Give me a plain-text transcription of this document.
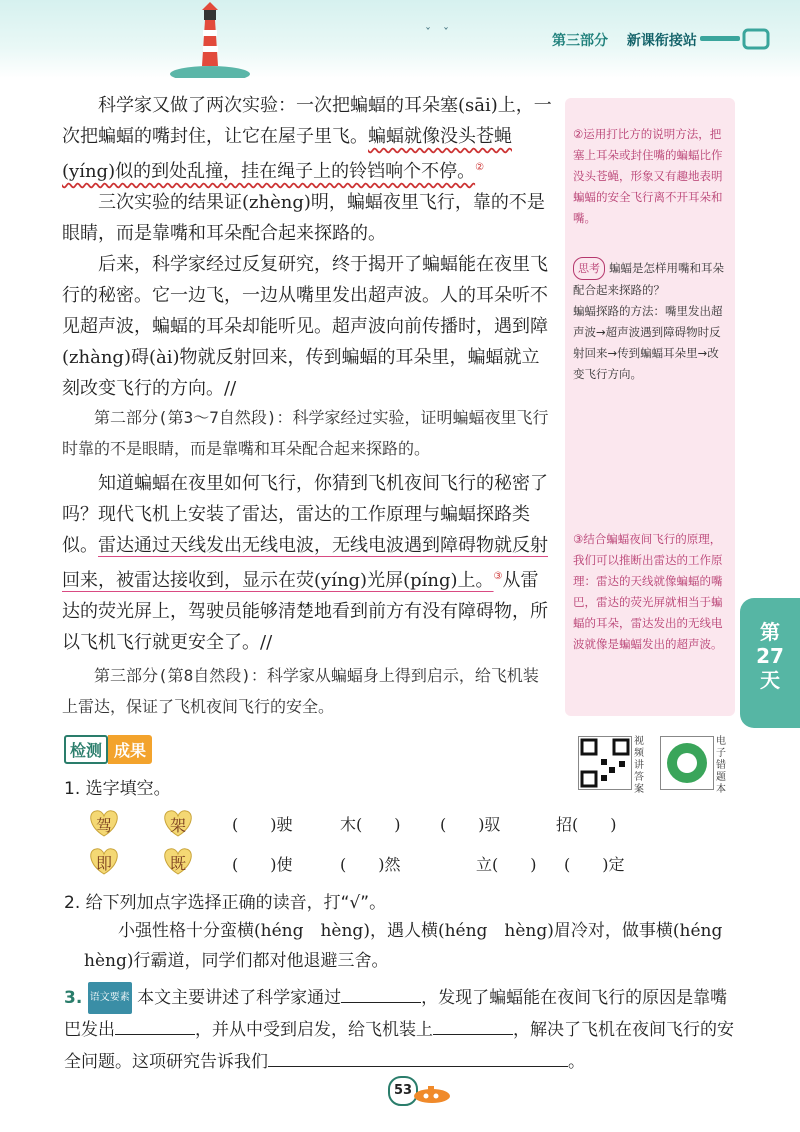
ˇ　ˇ	第三部分 新课衔接站

科学家又做了两次实验：一次把蝙蝠的耳朵塞(sāi)上，一次把蝙蝠的嘴封住，让它在屋子里飞。蝙蝠就像没头苍蝇(yíng)似的到处乱撞，挂在绳子上的铃铛响个不停。②

三次实验的结果证(zhèng)明，蝙蝠夜里飞行，靠的不是眼睛，而是靠嘴和耳朵配合起来探路的。

后来，科学家经过反复研究，终于揭开了蝙蝠能在夜里飞行的秘密。它一边飞，一边从嘴里发出超声波。人的耳朵听不见超声波，蝙蝠的耳朵却能听见。超声波向前传播时，遇到障(zhàng)碍(ài)物就反射回来，传到蝙蝠的耳朵里，蝙蝠就立刻改变飞行的方向。//

第二部分(第3～7自然段)：科学家经过实验，证明蝙蝠夜里飞行时靠的不是眼睛，而是靠嘴和耳朵配合起来探路的。

知道蝙蝠在夜里如何飞行，你猜到飞机夜间飞行的秘密了吗？现代飞机上安装了雷达，雷达的工作原理与蝙蝠探路类似。雷达通过天线发出无线电波，无线电波遇到障碍物就反射回来，被雷达接收到，显示在荧(yíng)光屏(píng)上。③从雷达的荧光屏上，驾驶员能够清楚地看到前方有没有障碍物，所以飞机飞行就更安全了。//

第三部分(第8自然段)：科学家从蝙蝠身上得到启示，给飞机装上雷达，保证了飞机夜间飞行的安全。

②运用打比方的说明方法，把塞上耳朵或封住嘴的蝙蝠比作没头苍蝇，形象又有趣地表明蝙蝠的安全飞行离不开耳朵和嘴。
思考 蝙蝠是怎样用嘴和耳朵配合起来探路的？
蝙蝠探路的方法：嘴里发出超声波→超声波遇到障碍物时反射回来→传到蝙蝠耳朵里→改变飞行方向。
③结合蝙蝠夜间飞行的原理，我们可以推断出雷达的工作原理：雷达的天线就像蝙蝠的嘴巴，雷达的荧光屏就相当于蝙蝠的耳朵，雷达发出的无线电波就像是蝙蝠发出的超声波。	第
27
天
检测 成果	视频讲答案
电子错题本
1. 选字填空。
驾	架	(　　)驶	木(　　) (　　)驭	招(　　)
即	既	(　　)使	(　　)然	立(　　) (　　)定
2. 给下列加点字选择正确的读音，打“√”。
小强性格十分蛮横(héng　hèng)，遇人横(héng　hèng)眉冷对，做事横(héng hèng)行霸道，同学们都对他退避三舍。
3. 语文要素 本文主要讲述了科学家通过	，发现了蝙蝠能在夜间飞行的原因是靠嘴巴发出	，并从中受到启发，给飞机装上	，解决了飞机在夜间飞行的安全问题。这项研究告诉我们	。
53
